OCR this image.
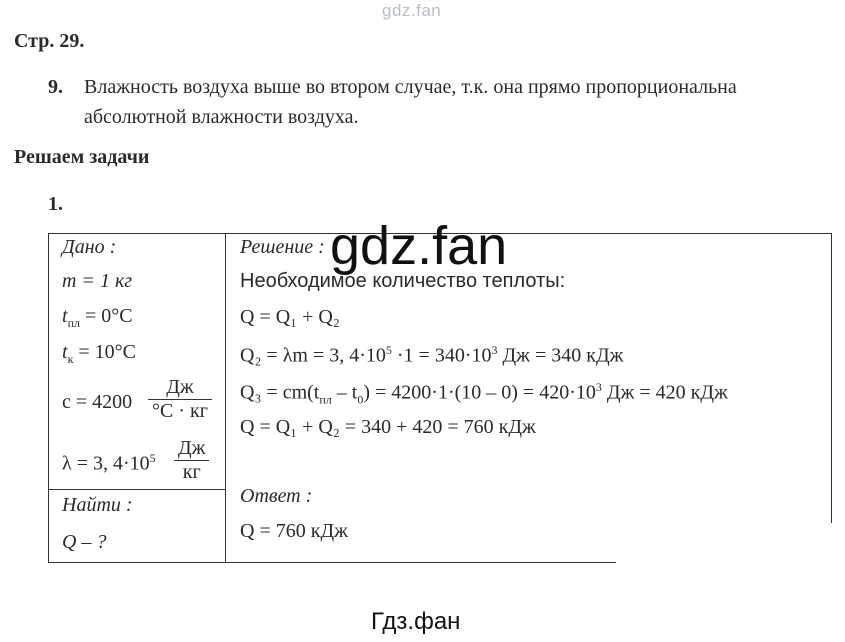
gdz.fan
Стр. 29.
9. Влажность воздуха выше во втором случае, т.к. она прямо пропорциональна
абсолютной влажности воздуха.
Решаем задачи
1.
Дано :
m = 1 кг
$t_{пл} = 0^\circ C$
$t_к = 10^\circ C$
c = 4200
Дж
°C · кг
λ = 3, $4\cdot 10^5$ Дж
кг
Найти :
Q – ?
Решение :
Необходимое количество теплоты:
Q = Q₁ + Q₂
Q₂ = λm = 3, $4\cdot 10^5 \cdot 1 = 340\cdot 10^3$ Дж = 340 кДж
$Q_3 = cm(t_{пл} - t_0) = 4200\cdot 1\cdot(10 - 0) = 420\cdot 10^3$ Дж = 420 кДж
Q = Q₁ + Q₂ = 340 + 420 = 760 кДж
Ответ :
Q = 760 кДж
gdz.fan
Гдз.фан
